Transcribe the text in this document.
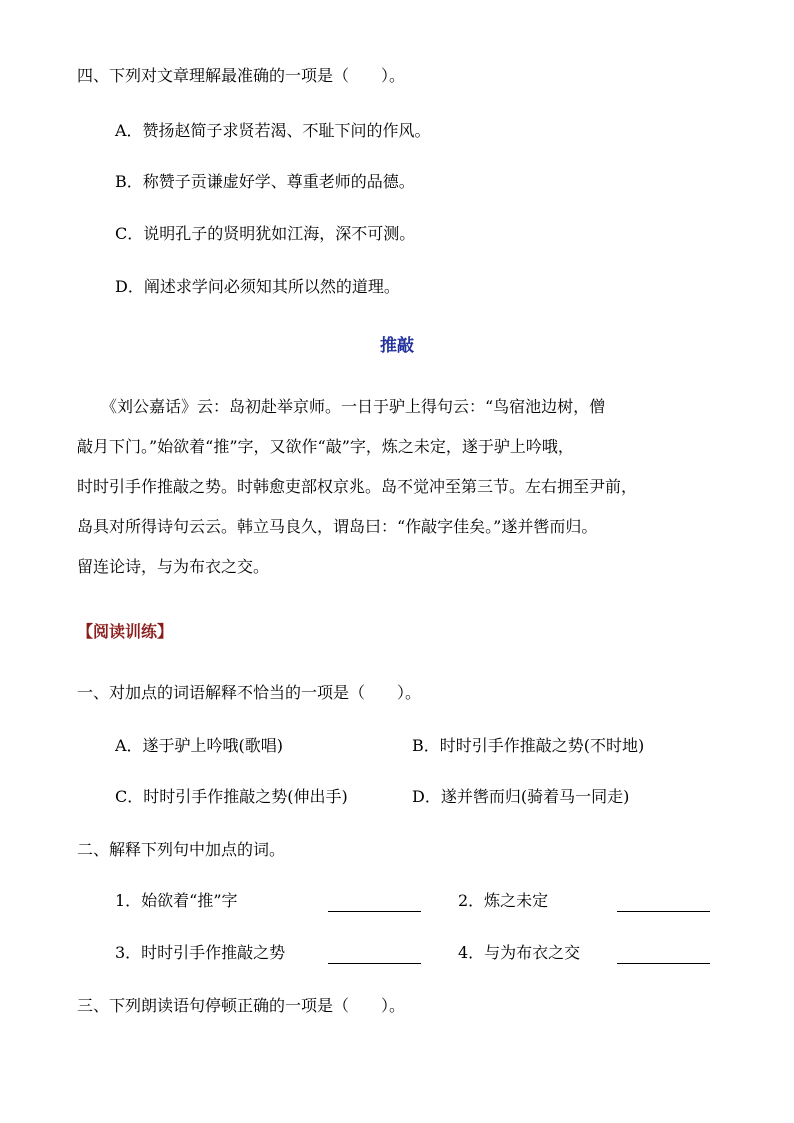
四、下列对文章理解最准确的一项是（　　）。
A．赞扬赵简子求贤若渴、不耻下问的作风。
B．称赞子贡谦虚好学、尊重老师的品德。
C．说明孔子的贤明犹如江海，深不可测。
D．阐述求学问必须知其所以然的道理。
推敲
　　《刘公嘉话》云：岛初赴举京师。一日于驴上得句云：“鸟宿池边树，僧
敲月下门。”始欲着“推”字，又欲作“敲”字，炼之未定，遂于驴上吟哦，
时时引手作推敲之势。时韩愈吏部权京兆。岛不觉冲至第三节。左右拥至尹前，
岛具对所得诗句云云。韩立马良久，谓岛曰：“作敲字佳矣。”遂并辔而归。
留连论诗，与为布衣之交。
【阅读训练】
一、对加点的词语解释不恰当的一项是（　　）。
A．遂于驴上吟哦(歌唱)	B．时时引手作推敲之势(不时地)
C．时时引手作推敲之势(伸出手)	D．遂并辔而归(骑着马一同走)
二、解释下列句中加点的词。
1．始欲着“推”字	2．炼之未定
3．时时引手作推敲之势	4．与为布衣之交
三、下列朗读语句停顿正确的一项是（　　）。
